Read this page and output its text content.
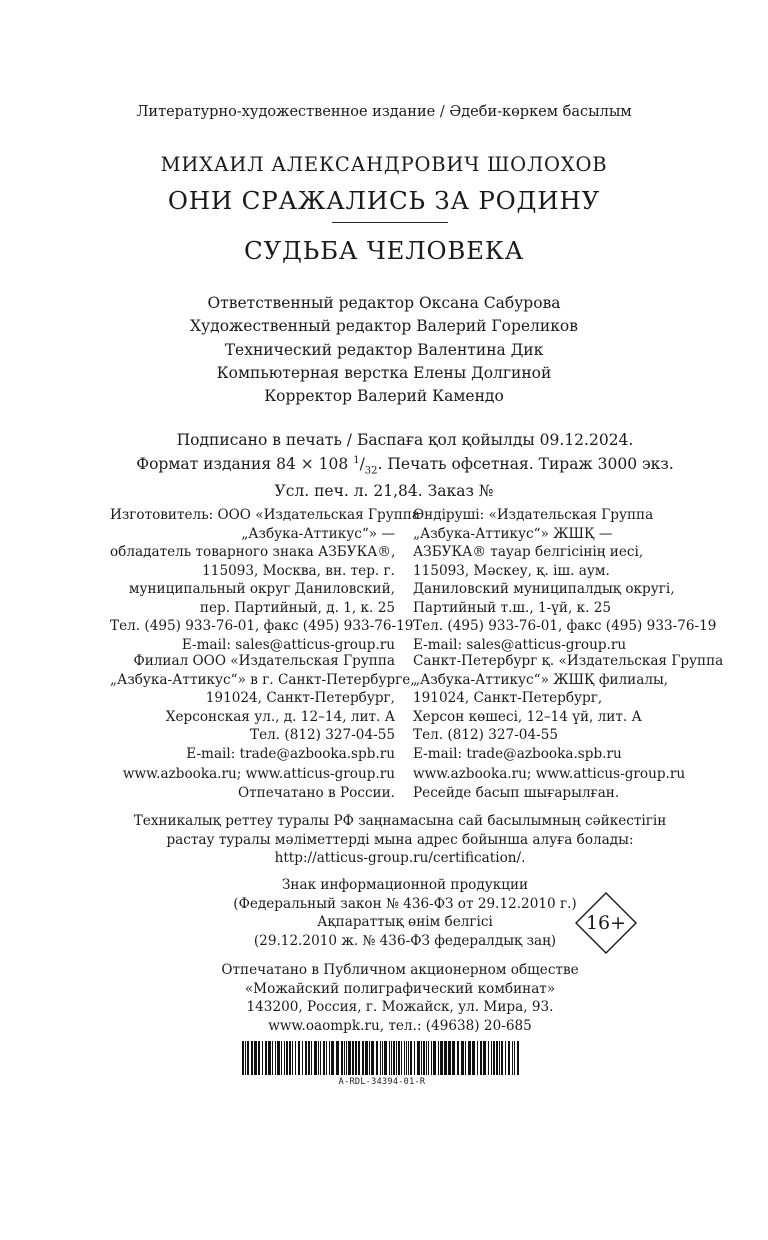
Литературно-художественное издание / Әдеби-көркем басылым
МИХАИЛ АЛЕКСАНДРОВИЧ ШОЛОХОВ
ОНИ СРАЖАЛИСЬ ЗА РОДИНУ
СУДЬБА ЧЕЛОВЕКА
Ответственный редактор Оксана Сабурова
Художественный редактор Валерий Гореликов
Технический редактор Валентина Дик
Компьютерная верстка Елены Долгиной
Корректор Валерий Камендо
Подписано в печать / Баспаға қол қойылды 09.12.2024.
Формат издания 84 × 108 $^1/_{32}$. Печать офсетная. Тираж 3000 экз.
Усл. печ. л. 21,84. Заказ №
Изготовитель: ООО «Издательская Группа
„Азбука-Аттикус“» —
обладатель товарного знака АЗБУКА®,
115093, Москва, вн. тер. г.
муниципальный округ Даниловский,
пер. Партийный, д. 1, к. 25
Тел. (495) 933-76-01, факс (495) 933-76-19
E-mail: sales@atticus-group.ru
Өндіруші: «Издательская Группа
„Азбука-Аттикус“» ЖШҚ —
АЗБУКА® тауар белгісінің иесі,
115093, Мәскеу, қ. іш. аум.
Даниловский муниципалдық округі,
Партийный т.ш., 1-үй, к. 25
Тел. (495) 933-76-01, факс (495) 933-76-19
E-mail: sales@atticus-group.ru
Филиал ООО «Издательская Группа
„Азбука-Аттикус“» в г. Санкт-Петербурге,
191024, Санкт-Петербург,
Херсонская ул., д. 12–14, лит. А
Тел. (812) 327-04-55
E-mail: trade@azbooka.spb.ru
Санкт-Петербург қ. «Издательская Группа
„Азбука-Аттикус“» ЖШҚ филиалы,
191024, Санкт-Петербург,
Херсон көшесі, 12–14 үй, лит. А
Тел. (812) 327-04-55
E-mail: trade@azbooka.spb.ru
www.azbooka.ru; www.atticus-group.ru
Отпечатано в России.
www.azbooka.ru; www.atticus-group.ru
Ресейде басып шығарылған.
Техникалық реттеу туралы РФ заңнамасына сай басылымның сәйкестігін
растау туралы мәліметтерді мына адрес бойынша алуға болады:
http://atticus-group.ru/certification/.
Знак информационной продукции
(Федеральный закон № 436-ФЗ от 29.12.2010 г.)
Ақпараттық өнім белгісі
(29.12.2010 ж. № 436-ФЗ федералдық заң)
16+
Отпечатано в Публичном акционерном обществе
«Можайский полиграфический комбинат»
143200, Россия, г. Можайск, ул. Мира, 93.
www.oaompk.ru, тел.: (49638) 20-685
A-RDL-34394-01-R
